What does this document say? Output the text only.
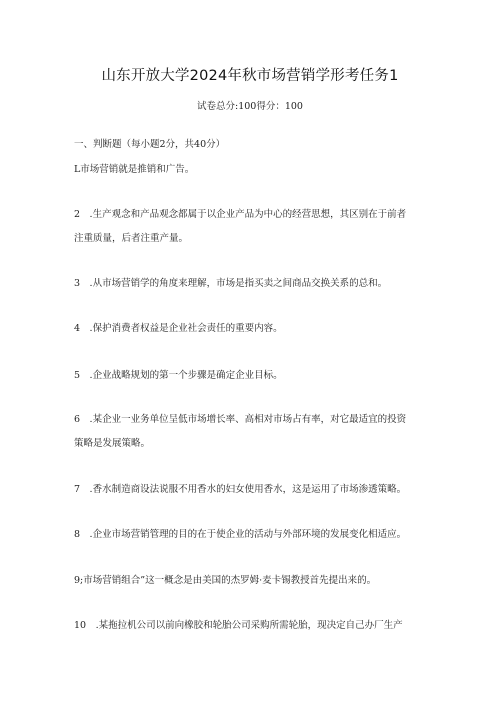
山东开放大学2024年秋市场营销学形考任务1
试卷总分:100得分：100
一、判断题（每小题2分，共40分）
L市场营销就是推销和广告。
2　.生产观念和产品观念都属于以企业产品为中心的经营思想，其区别在于前者
注重质量，后者注重产量。
3　.从市场营销学的角度来理解，市场是指买卖之间商品交换关系的总和。
4　.保护消费者权益是企业社会责任的重要内容。
5　.企业战略规划的第一个步骤是确定企业目标。
6　.某企业一业务单位呈低市场增长率、高相对市场占有率，对它最适宜的投资
策略是发展策略。
7　.香水制造商设法说服不用香水的妇女使用香水，这是运用了市场渗透策略。
8　.企业市场营销管理的目的在于使企业的活动与外部环境的发展变化相适应。
9;市场营销组合”这一概念是由美国的杰罗姆·麦卡锡教授首先提出来的。
10　.某拖拉机公司以前向橡胶和轮胎公司采购所需轮胎，现决定自己办厂生产
